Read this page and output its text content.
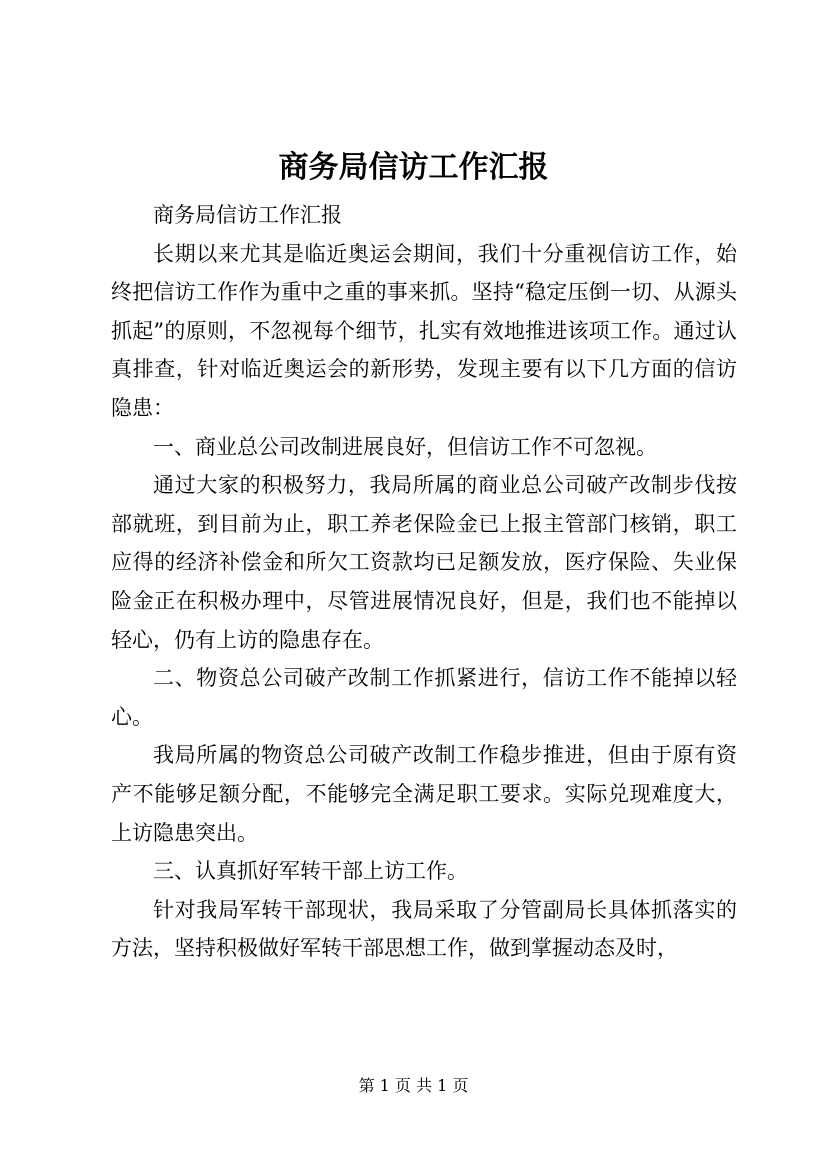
商务局信访工作汇报

商务局信访工作汇报

长期以来尤其是临近奥运会期间，我们十分重视信访工作，始终把信访工作作为重中之重的事来抓。坚持“稳定压倒一切、从源头抓起”的原则，不忽视每个细节，扎实有效地推进该项工作。通过认真排查，针对临近奥运会的新形势，发现主要有以下几方面的信访隐患：

一、商业总公司改制进展良好，但信访工作不可忽视。

通过大家的积极努力，我局所属的商业总公司破产改制步伐按部就班，到目前为止，职工养老保险金已上报主管部门核销，职工应得的经济补偿金和所欠工资款均已足额发放，医疗保险、失业保险金正在积极办理中，尽管进展情况良好，但是，我们也不能掉以轻心，仍有上访的隐患存在。

二、物资总公司破产改制工作抓紧进行，信访工作不能掉以轻心。

我局所属的物资总公司破产改制工作稳步推进，但由于原有资产不能够足额分配，不能够完全满足职工要求。实际兑现难度大，上访隐患突出。

三、认真抓好军转干部上访工作。

针对我局军转干部现状，我局采取了分管副局长具体抓落实的方法，坚持积极做好军转干部思想工作，做到掌握动态及时，

第 1 页 共 1 页
